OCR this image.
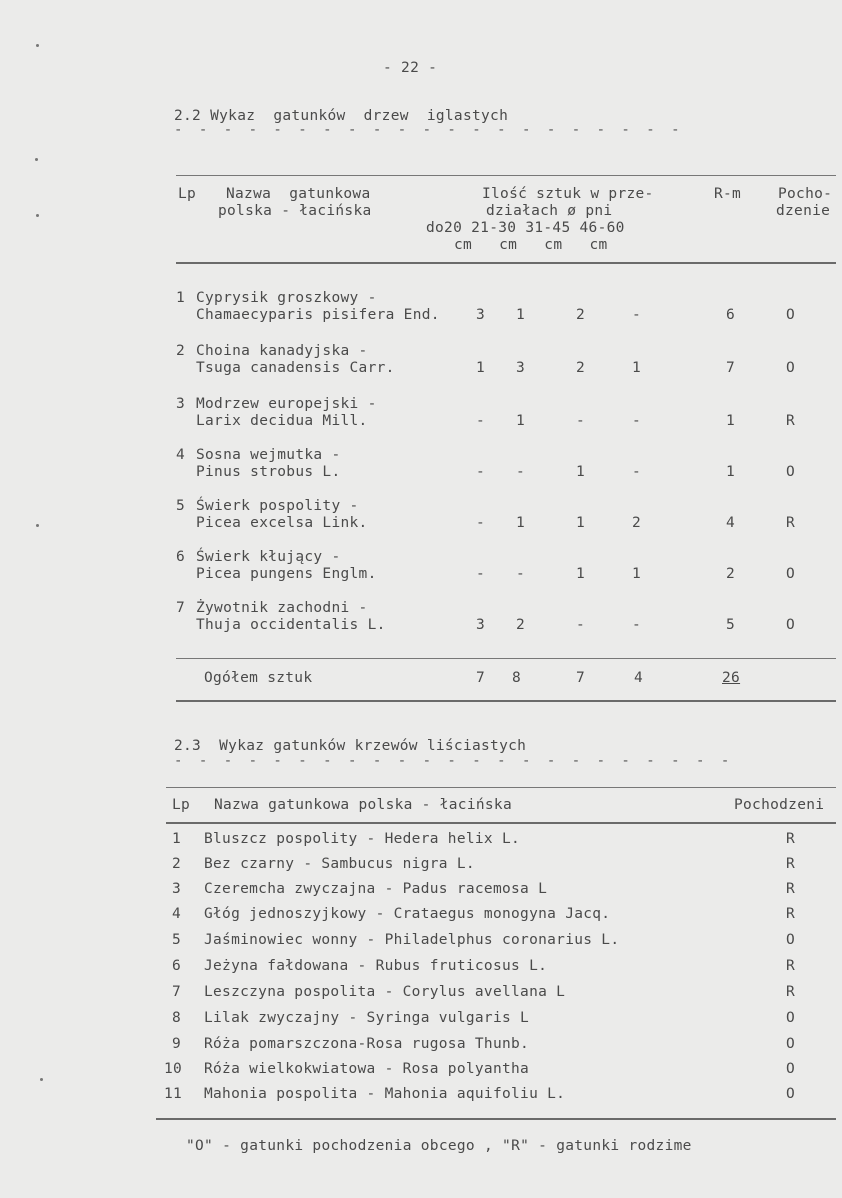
- 22 -
2.2 Wykaz  gatunków  drzew  iglastych
- - - - - - - - - - - - - - - - - - - - -
Lp Nazwa  gatunkowa
polska - łacińska
Ilość sztuk w prze-
działach ø pni
do20 21-30 31-45 46-60
cm   cm   cm   cm
R-m	Pocho-
dzenie
1 Cyprysik groszkowy -
Chamaecyparis pisifera End. 3 1	2	-	6	O
2 Choina kanadyjska -
Tsuga canadensis Carr.	1 3	2	1	7	O
3 Modrzew europejski -
Larix decidua Mill.	- 1	-	-	1	R
4 Sosna wejmutka -
Pinus strobus L.	- -	1	-	1	O
5 Świerk pospolity -
Picea excelsa Link.	- 1	1	2	4	R
6 Świerk kłujący -
Picea pungens Englm.	- -	1	1	2	O
7 Żywotnik zachodni -
Thuja occidentalis L.	3 2	-	-	5	O
Ogółem sztuk	7 8	7	4	26
2.3  Wykaz gatunków krzewów liściastych
- - - - - - - - - - - - - - - - - - - - - - -
Lp Nazwa gatunkowa polska - łacińska	Pochodzeni
1 Bluszcz pospolity - Hedera helix L.	R
2 Bez czarny - Sambucus nigra L.	R
3 Czeremcha zwyczajna - Padus racemosa L	R
4 Głóg jednoszyjkowy - Crataegus monogyna Jacq.	R
5 Jaśminowiec wonny - Philadelphus coronarius L.	O
6 Jeżyna fałdowana - Rubus fruticosus L.	R
7 Leszczyna pospolita - Corylus avellana L	R
8 Lilak zwyczajny - Syringa vulgaris L	O
9 Róża pomarszczona-Rosa rugosa Thunb.	O
10 Róża wielkokwiatowa - Rosa polyantha	O
11 Mahonia pospolita - Mahonia aquifoliu L.	O
"O" - gatunki pochodzenia obcego , "R" - gatunki rodzime
